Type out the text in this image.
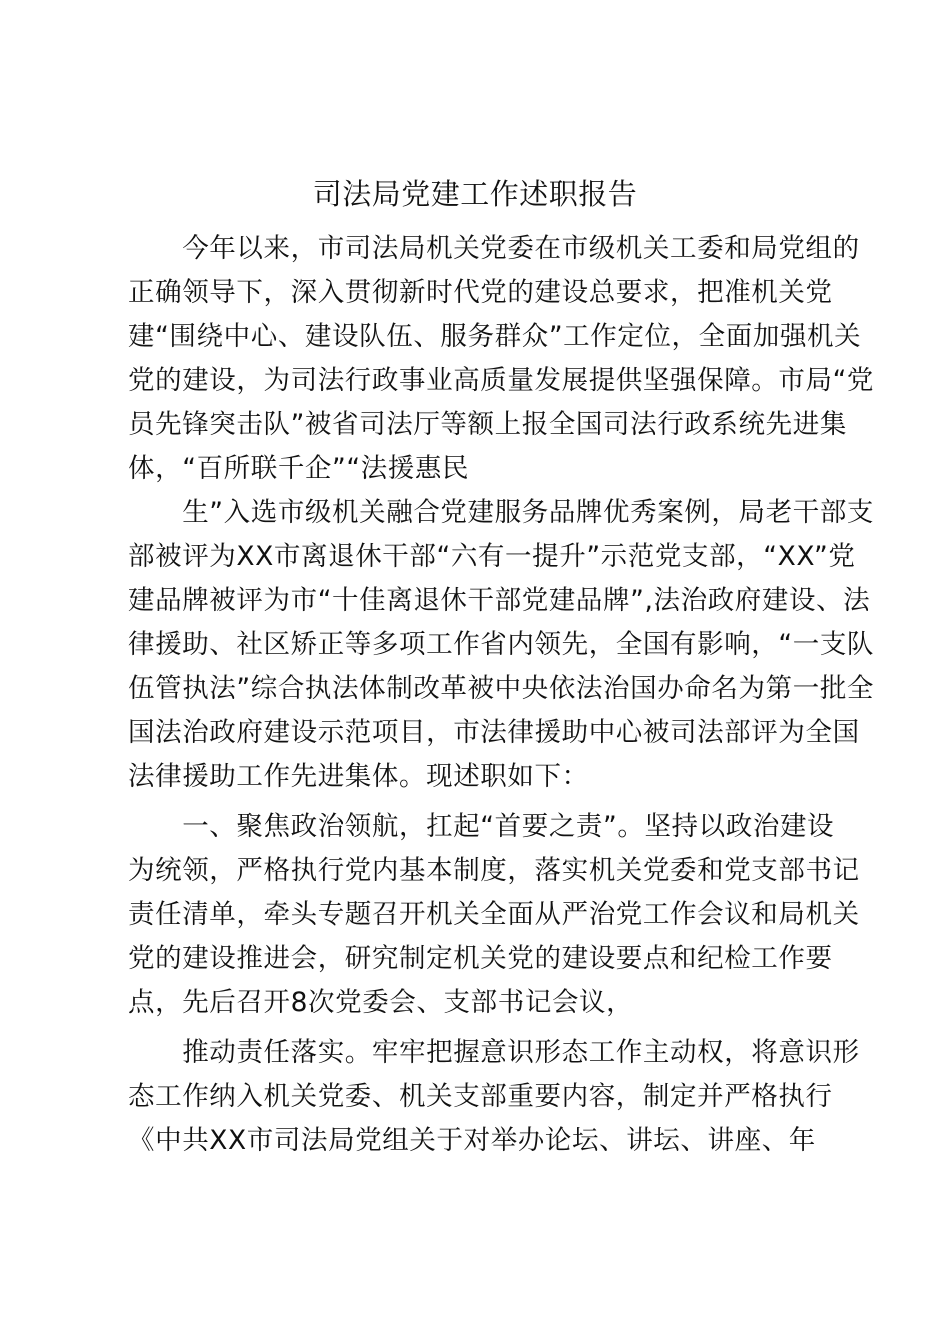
司法局党建工作述职报告
　　今年以来，市司法局机关党委在市级机关工委和局党组的
正确领导下，深入贯彻新时代党的建设总要求，把准机关党
建“围绕中心、建设队伍、服务群众”工作定位，全面加强机关
党的建设，为司法行政事业高质量发展提供坚强保障。市局“党
员先锋突击队”被省司法厅等额上报全国司法行政系统先进集
体，“百所联千企”“法援惠民
　　生”入选市级机关融合党建服务品牌优秀案例，局老干部支
部被评为XX市离退休干部“六有一提升”示范党支部，“XX”党
建品牌被评为市“十佳离退休干部党建品牌”,法治政府建设、法
律援助、社区矫正等多项工作省内领先，全国有影响，“一支队
伍管执法”综合执法体制改革被中央依法治国办命名为第一批全
国法治政府建设示范项目，市法律援助中心被司法部评为全国
法律援助工作先进集体。现述职如下：
　　一、聚焦政治领航，扛起“首要之责”。坚持以政治建设
为统领，严格执行党内基本制度，落实机关党委和党支部书记
责任清单，牵头专题召开机关全面从严治党工作会议和局机关
党的建设推进会，研究制定机关党的建设要点和纪检工作要
点，先后召开8次党委会、支部书记会议，
　　推动责任落实。牢牢把握意识形态工作主动权，将意识形
态工作纳入机关党委、机关支部重要内容，制定并严格执行
《中共XX市司法局党组关于对举办论坛、讲坛、讲座、年
